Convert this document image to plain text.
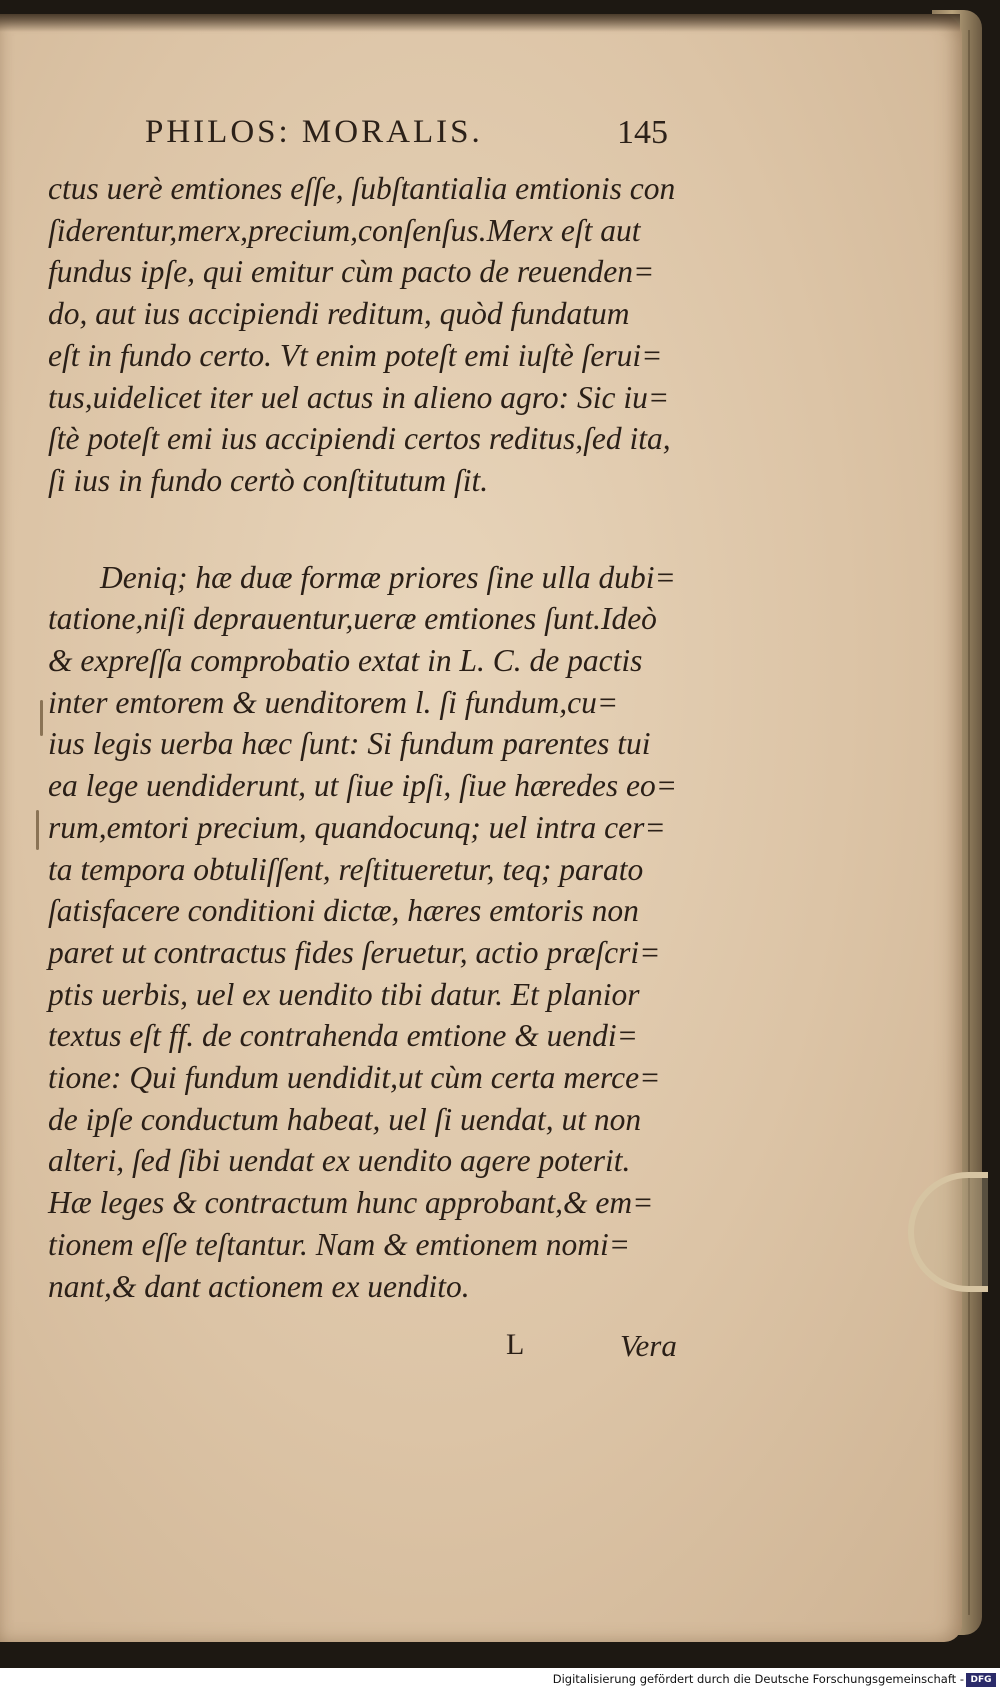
PHILOS: MORALIS.	145
ctus uerè emtiones eſſe, ſubſtantialia emtionis con
ſiderentur,merx,precium,conſenſus.Merx eſt aut
fundus ipſe, qui emitur cùm pacto de reuenden=
do, aut ius accipiendi reditum, quòd fundatum
eſt in fundo certo. Vt enim poteſt emi iuſtè ſerui=
tus,uidelicet iter uel actus in alieno agro: Sic iu=
ſtè poteſt emi ius accipiendi certos reditus,ſed ita,
ſi ius in fundo certò conſtitutum ſit.
Deniq; hæ duæ formæ priores ſine ulla dubi=
tatione,niſi deprauentur,ueræ emtiones ſunt.Ideò
& expreſſa comprobatio extat in L. C. de pactis
inter emtorem & uenditorem l. ſi fundum,cu=
ius legis uerba hæc ſunt: Si fundum parentes tui
ea lege uendiderunt, ut ſiue ipſi, ſiue hæredes eo=
rum,emtori precium, quandocunq; uel intra cer=
ta tempora obtuliſſent, reſtitueretur, teq; parato
ſatisfacere conditioni dictæ, hæres emtoris non
paret ut contractus fides ſeruetur, actio præſcri=
ptis uerbis, uel ex uendito tibi datur. Et planior
textus eſt ff. de contrahenda emtione & uendi=
tione: Qui fundum uendidit,ut cùm certa merce=
de ipſe conductum habeat, uel ſi uendat, ut non
alteri, ſed ſibi uendat ex uendito agere poterit.
Hæ leges & contractum hunc approbant,& em=
tionem eſſe teſtantur. Nam & emtionem nomi=
nant,& dant actionem ex uendito.
L	Vera
Digitalisierung gefördert durch die Deutsche Forschungsgemeinschaft - DFG
